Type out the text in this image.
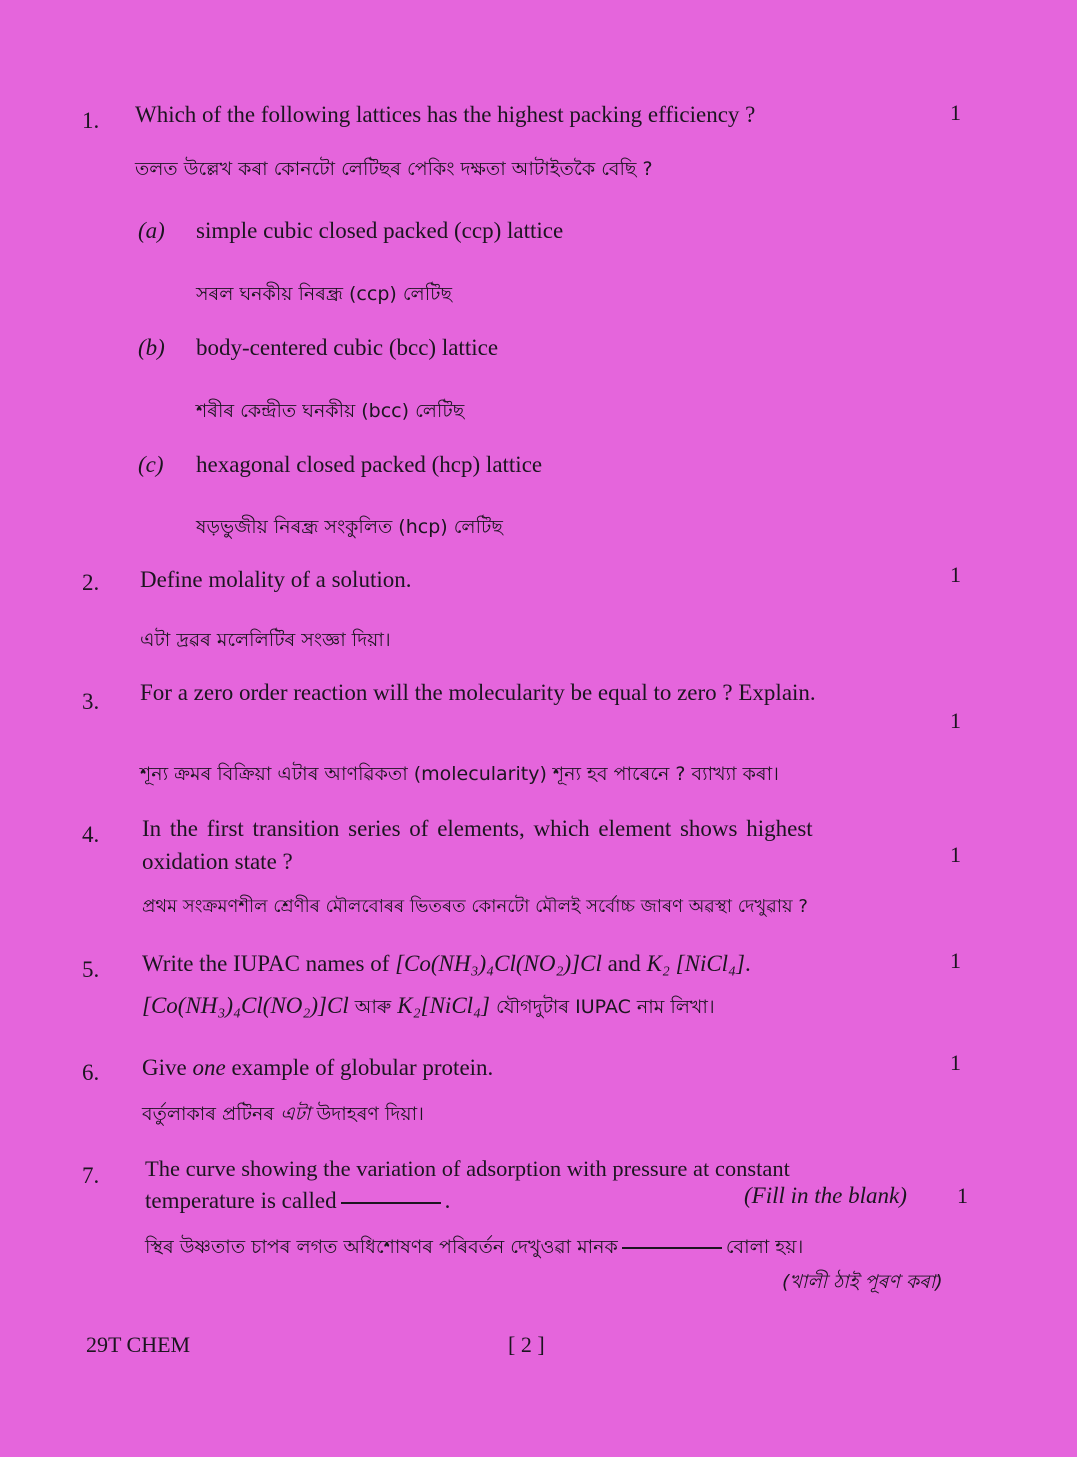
1. Which of the following lattices has the highest packing efficiency ?	1
তলত উল্লেখ কৰা কোনটো লেটিছৰ পেকিং দক্ষতা আটাইতকৈ বেছি ?
(a) simple cubic closed packed (ccp) lattice
সৰল ঘনকীয় নিৰন্ধ্ৰ (ccp) লেটিছ
(b) body-centered cubic (bcc) lattice
শৰীৰ কেন্দ্ৰীত ঘনকীয় (bcc) লেটিছ
(c) hexagonal closed packed (hcp) lattice
ষড়ভুজীয় নিৰন্ধ্ৰ সংকুলিত (hcp) লেটিছ
2. Define molality of a solution.	1
এটা দ্ৰৱৰ মলেলিটিৰ সংজ্ঞা দিয়া।
3. For a zero order reaction will the molecularity be equal to zero ? Explain.
1
শূন্য ক্ৰমৰ বিক্ৰিয়া এটাৰ আণৱিকতা (molecularity) শূন্য হব পাৰেনে ? ব্যাখ্যা কৰা।
4. In the first transition series of elements, which element shows highest
oxidation state ?	1
প্ৰথম সংক্ৰমণশীল শ্ৰেণীৰ মৌলবোৰৰ ভিতৰত কোনটো মৌলই সৰ্বোচ্চ জাৰণ অৱস্থা দেখুৱায় ?
5. Write the IUPAC names of [Co(NH₃)₄Cl(NO₂)]Cl and K₂ [NiCl₄].	1
[Co(NH₃)₄Cl(NO₂)]Cl আৰু K₂[NiCl₄] যৌগদুটাৰ IUPAC নাম লিখা।
6. Give one example of globular protein.	1
বৰ্তুলাকাৰ প্ৰটিনৰ এটা উদাহৰণ দিয়া।
7. The curve showing the variation of adsorption with pressure at constant
temperature is called	.	(Fill in the blank) 1
স্থিৰ উষ্ণতাত চাপৰ লগত অধিশোষণৰ পৰিবৰ্তন দেখুওৱা মানক	বোলা হয়।
(খালী ঠাই পূৰণ কৰা)
29T CHEM	[ 2 ]
